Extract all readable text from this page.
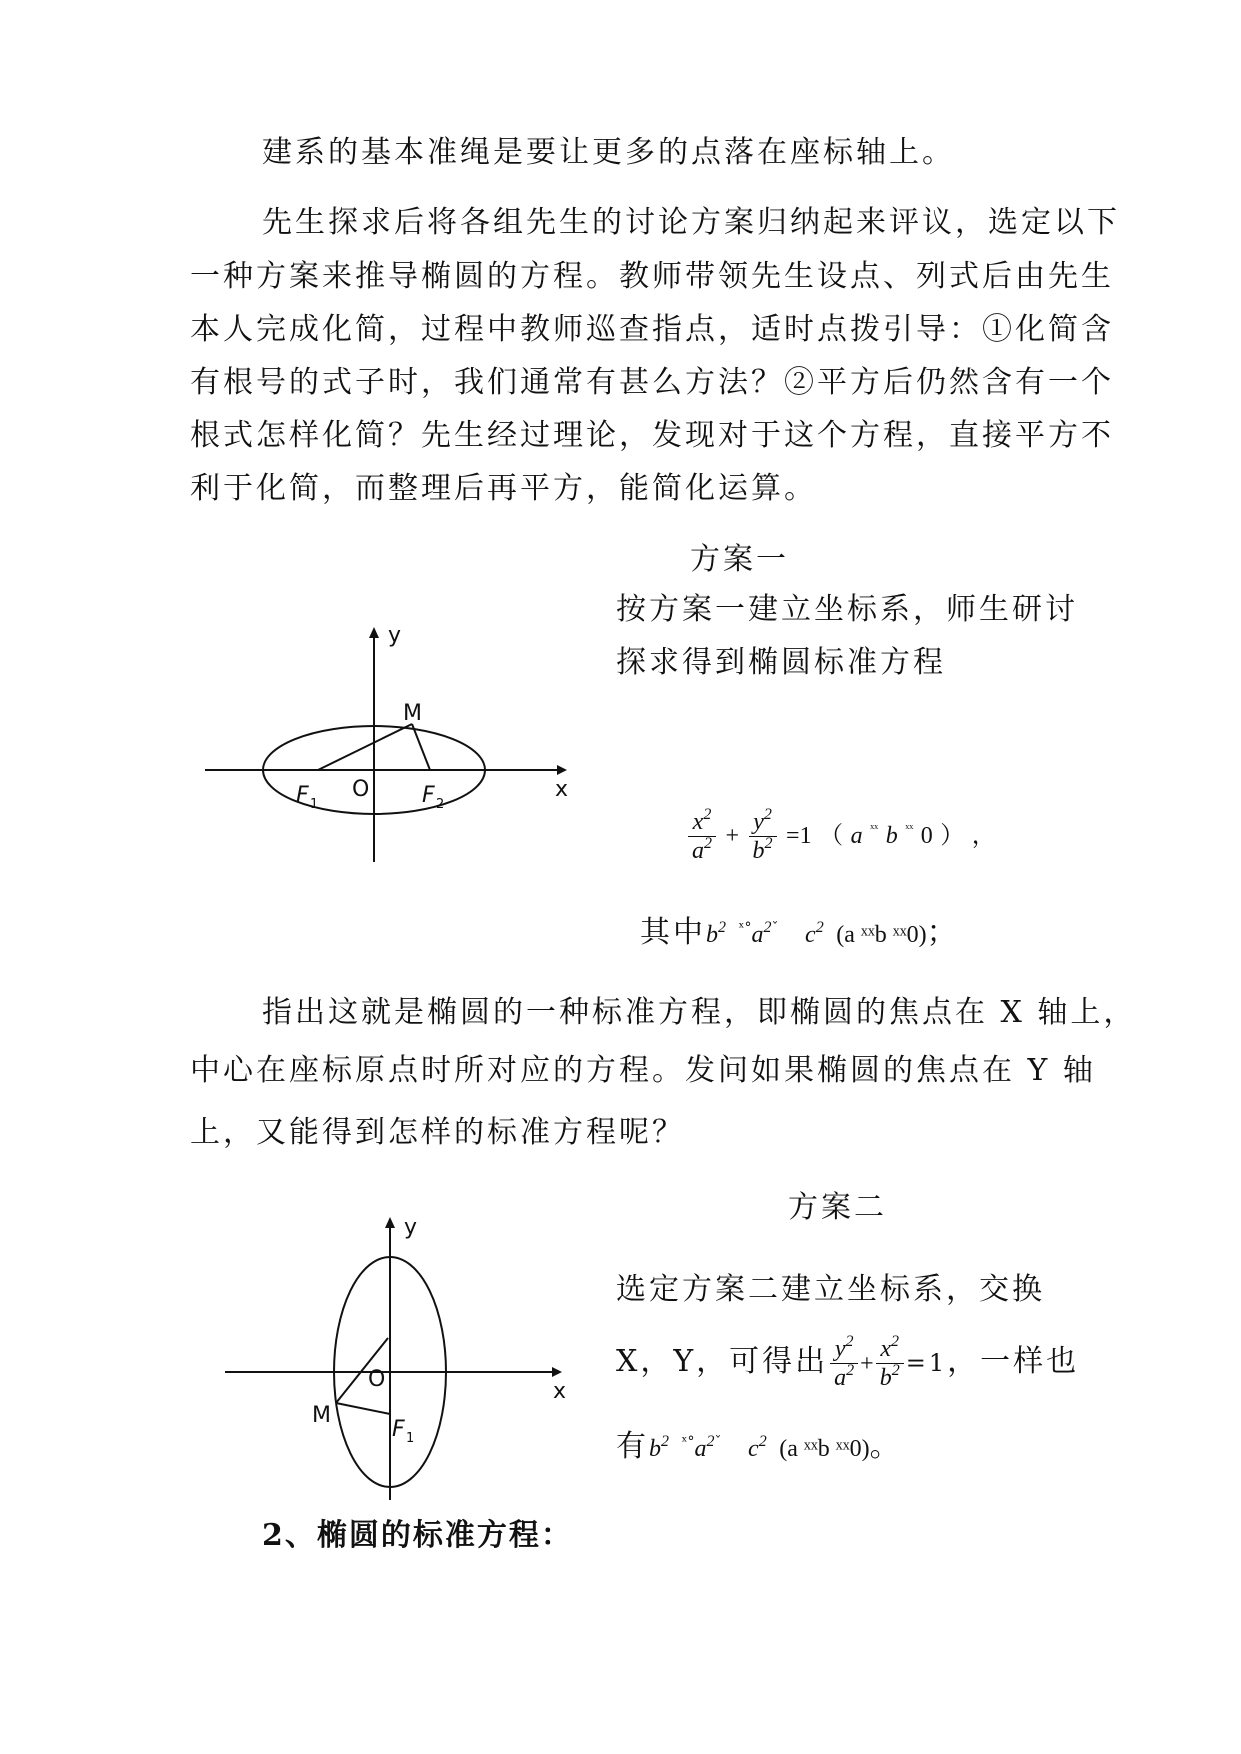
建系的基本准绳是要让更多的点落在座标轴上。
先生探求后将各组先生的讨论方案归纳起来评议，选定以下
一种方案来推导椭圆的方程。教师带领先生设点、列式后由先生
本人完成化简，过程中教师巡查指点，适时点拨引导：①化简含
有根号的式子时，我们通常有甚么方法？②平方后仍然含有一个
根式怎样化简？先生经过理论，发现对于这个方程，直接平方不
利于化简，而整理后再平方，能简化运算。
y
x
M
O
F 1	F 2
方案一
按方案一建立坐标系，师生研讨
探求得到椭圆标准方程
$\frac{x^2}{a^2} + \frac{y^2}{b^2} =1$ （ a $^{ˣˣ}$ b $^{ˣˣ}$ 0 ） ，
其中$b^2$ $^{ˣ^\circ}a^{2ˇ}$ $c^2$ (a ˣˣb ˣˣ0)；
指出这就是椭圆的一种标准方程，即椭圆的焦点在 X 轴上，
中心在座标原点时所对应的方程。发问如果椭圆的焦点在 Y 轴
上，又能得到怎样的标准方程呢？
y
x
M
O
F 1
方案二
选定方案二建立坐标系，交换
X，Y，可得出 $\frac{y^2}{a^2} + \frac{x^2}{b^2} =1$，一样也
有$b^2$ $^{ˣ^\circ}a^{2ˇ}$ $c^2$ (a ˣˣb ˣˣ0)。
2、椭圆的标准方程：
